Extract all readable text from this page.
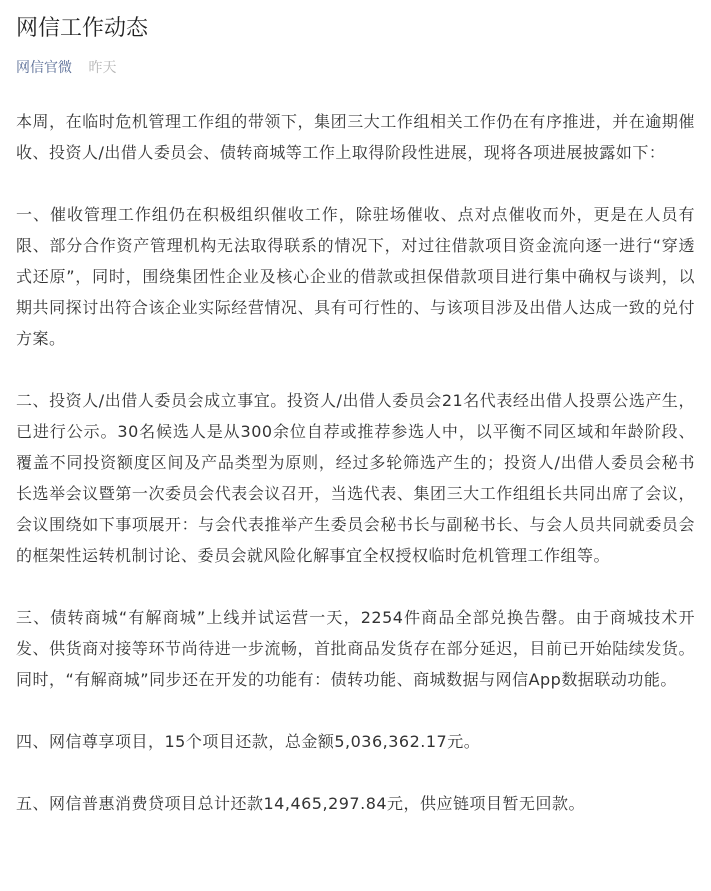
网信工作动态
网信官微 昨天

本周，在临时危机管理工作组的带领下，集团三大工作组相关工作仍在有序推进，并在逾期催收、投资人/出借人委员会、债转商城等工作上取得阶段性进展，现将各项进展披露如下：

一、催收管理工作组仍在积极组织催收工作，除驻场催收、点对点催收而外，更是在人员有限、部分合作资产管理机构无法取得联系的情况下，对过往借款项目资金流向逐一进行“穿透式还原”，同时，围绕集团性企业及核心企业的借款或担保借款项目进行集中确权与谈判，以期共同探讨出符合该企业实际经营情况、具有可行性的、与该项目涉及出借人达成一致的兑付方案。

二、投资人/出借人委员会成立事宜。投资人/出借人委员会21名代表经出借人投票公选产生，已进行公示。30名候选人是从300余位自荐或推荐参选人中，以平衡不同区域和年龄阶段、覆盖不同投资额度区间及产品类型为原则，经过多轮筛选产生的；投资人/出借人委员会秘书长选举会议暨第一次委员会代表会议召开，当选代表、集团三大工作组组长共同出席了会议，会议围绕如下事项展开：与会代表推举产生委员会秘书长与副秘书长、与会人员共同就委员会的框架性运转机制讨论、委员会就风险化解事宜全权授权临时危机管理工作组等。

三、债转商城“有解商城”上线并试运营一天，2254件商品全部兑换告罄。由于商城技术开发、供货商对接等环节尚待进一步流畅，首批商品发货存在部分延迟，目前已开始陆续发货。同时，“有解商城”同步还在开发的功能有：债转功能、商城数据与网信App数据联动功能。

四、网信尊享项目，15个项目还款，总金额5,036,362.17元。

五、网信普惠消费贷项目总计还款14,465,297.84元，供应链项目暂无回款。
